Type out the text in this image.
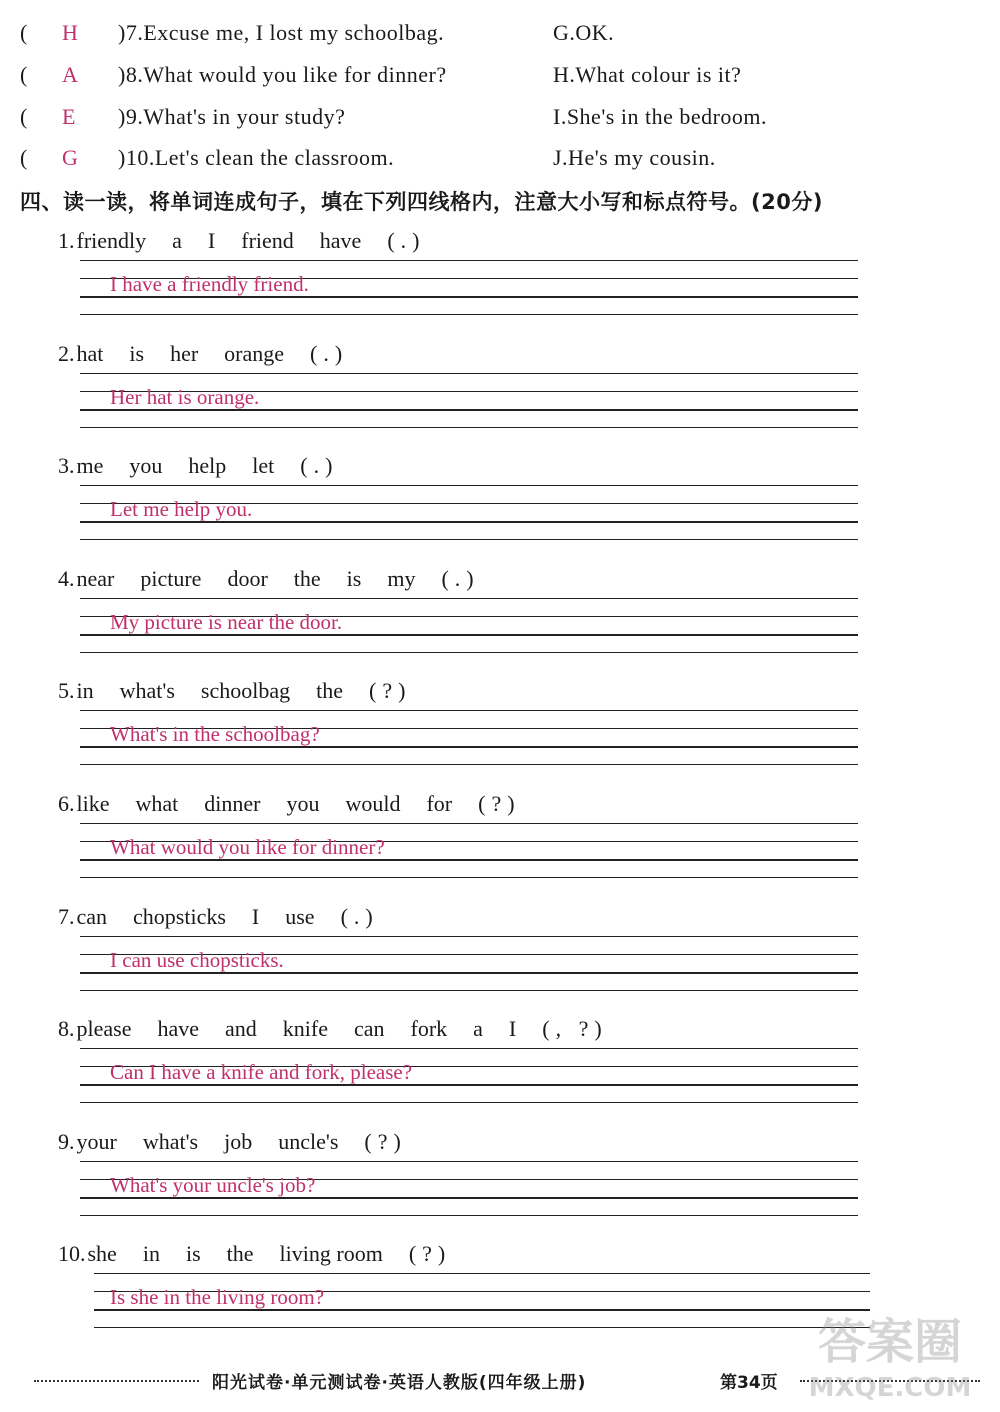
( H )7.Excuse me, I lost my schoolbag.	G.OK.
( A )8.What would you like for dinner?	H.What colour is it?
( E )9.What's in your study?	I.She's in the bedroom.
( G )10.Let's clean the classroom.	J.He's my cousin.
四、读一读，将单词连成句子，填在下列四线格内，注意大小写和标点符号。(20分)
1.friendly a I friend have (.)
I have a friendly friend.
2.hat is her orange (.)
Her hat is orange.
3.me you help let (.)
Let me help you.
4.near picture door the is my (.)
My picture is near the door.
5.in what's schoolbag the (?)
What's in the schoolbag?
6.like what dinner you would for (?)
What would you like for dinner?
7.can chopsticks I use (.)
I can use chopsticks.
8.please have and knife can fork a I (, ?)
Can I have a knife and fork, please?
9.your what's job uncle's (?)
What's your uncle's job?
10.she in is the living room (?)
Is she in the living room?
阳光试卷·单元测试卷·英语人教版(四年级上册)	第34页
答案圈
MXQE.COM
